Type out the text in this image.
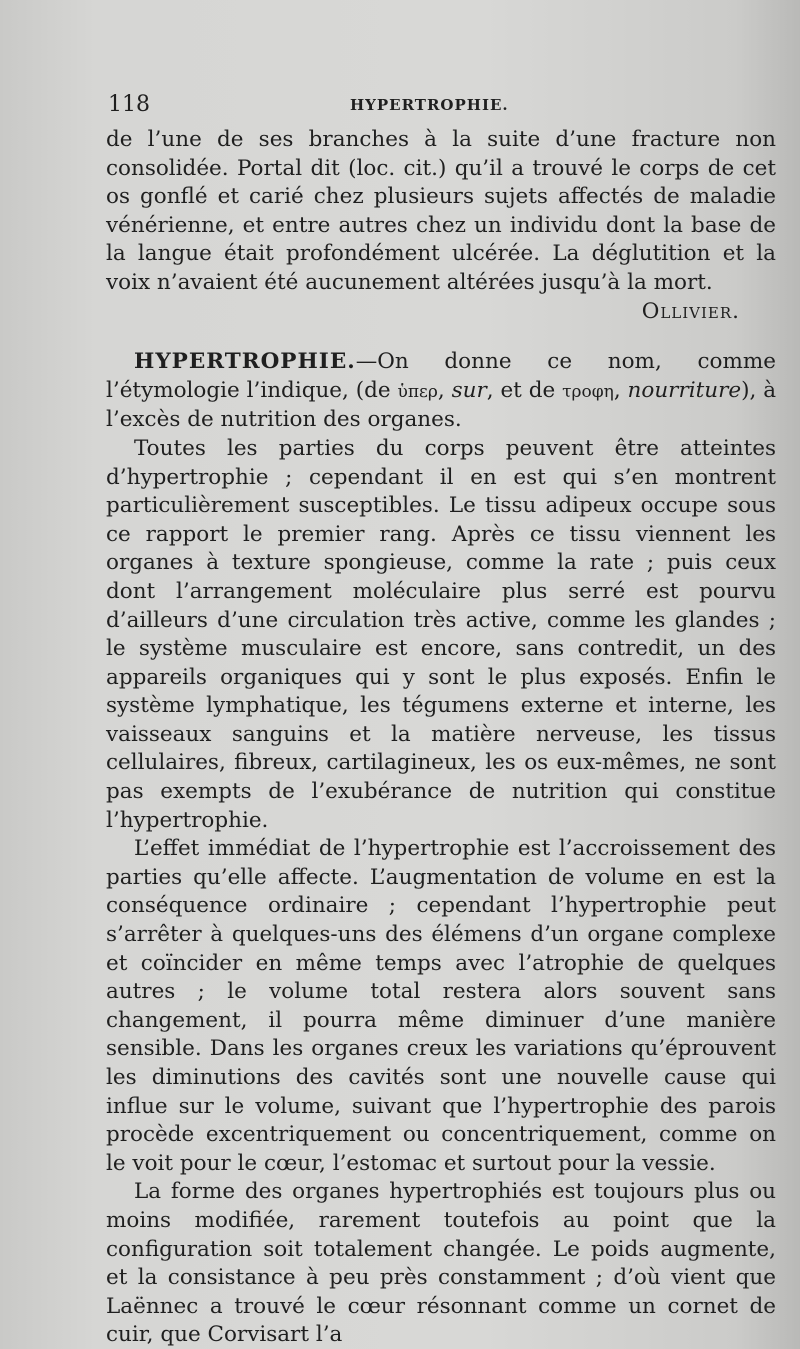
118	HYPERTROPHIE.

de l’une de ses branches à la suite d’une fracture non consolidée. Portal dit (loc. cit.) qu’il a trouvé le corps de cet os gonflé et carié chez plusieurs sujets affectés de maladie vénérienne, et entre autres chez un individu dont la base de la langue était profondément ulcérée. La déglutition et la voix n’avaient été aucunement altérées jusqu’à la mort.

Ollivier.

HYPERTROPHIE.—On donne ce nom, comme l’étymologie l’indique, (de ὑπερ, sur, et de τροφη, nourriture), à l’excès de nutrition des organes.

Toutes les parties du corps peuvent être atteintes d’hypertrophie ; cependant il en est qui s’en montrent particulièrement susceptibles. Le tissu adipeux occupe sous ce rapport le premier rang. Après ce tissu viennent les organes à texture spongieuse, comme la rate ; puis ceux dont l’arrangement moléculaire plus serré est pourvu d’ailleurs d’une circulation très active, comme les glandes ; le système musculaire est encore, sans contredit, un des appareils organiques qui y sont le plus exposés. Enfin le système lymphatique, les tégumens externe et interne, les vaisseaux sanguins et la matière nerveuse, les tissus cellulaires, fibreux, cartilagineux, les os eux-mêmes, ne sont pas exempts de l’exubérance de nutrition qui constitue l’hypertrophie.

L’effet immédiat de l’hypertrophie est l’accroissement des parties qu’elle affecte. L’augmentation de volume en est la conséquence ordinaire ; cependant l’hypertrophie peut s’arrêter à quelques-uns des élémens d’un organe complexe et coïncider en même temps avec l’atrophie de quelques autres ; le volume total restera alors souvent sans changement, il pourra même diminuer d’une manière sensible. Dans les organes creux les variations qu’éprouvent les diminutions des cavités sont une nouvelle cause qui influe sur le volume, suivant que l’hypertrophie des parois procède excentriquement ou concentriquement, comme on le voit pour le cœur, l’estomac et surtout pour la vessie.

La forme des organes hypertrophiés est toujours plus ou moins modifiée, rarement toutefois au point que la configuration soit totalement changée. Le poids augmente, et la consistance à peu près constamment ; d’où vient que Laënnec a trouvé le cœur résonnant comme un cornet de cuir, que Corvisart l’a
